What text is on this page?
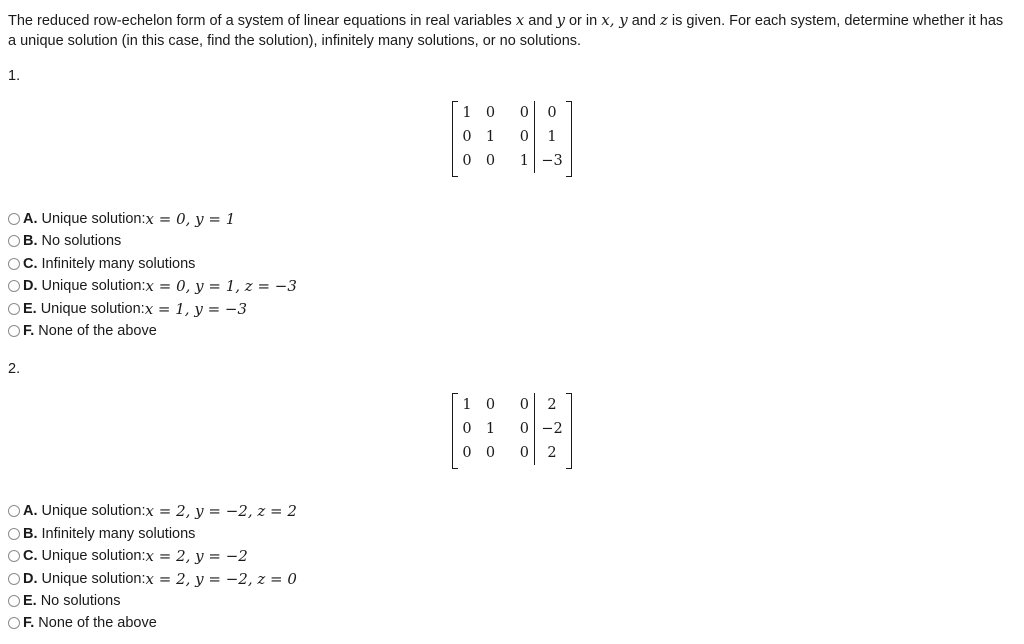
The reduced row-echelon form of a system of linear equations in real variables x and y or in x, y and z is given. For each system, determine whether it has a unique solution (in this case, find the solution), infinitely many solutions, or no solutions.
1.
1	0	0	0
0	1	0	1
0	0	1	−3
A. Unique solution: x = 0, y = 1
B. No solutions
C. Infinitely many solutions
D. Unique solution: x = 0, y = 1, z = −3
E. Unique solution: x = 1, y = −3
F. None of the above
2.
1	0	0	2
0	1	0	−2
0	0	0	2
A. Unique solution: x = 2, y = −2, z = 2
B. Infinitely many solutions
C. Unique solution: x = 2, y = −2
D. Unique solution: x = 2, y = −2, z = 0
E. No solutions
F. None of the above
